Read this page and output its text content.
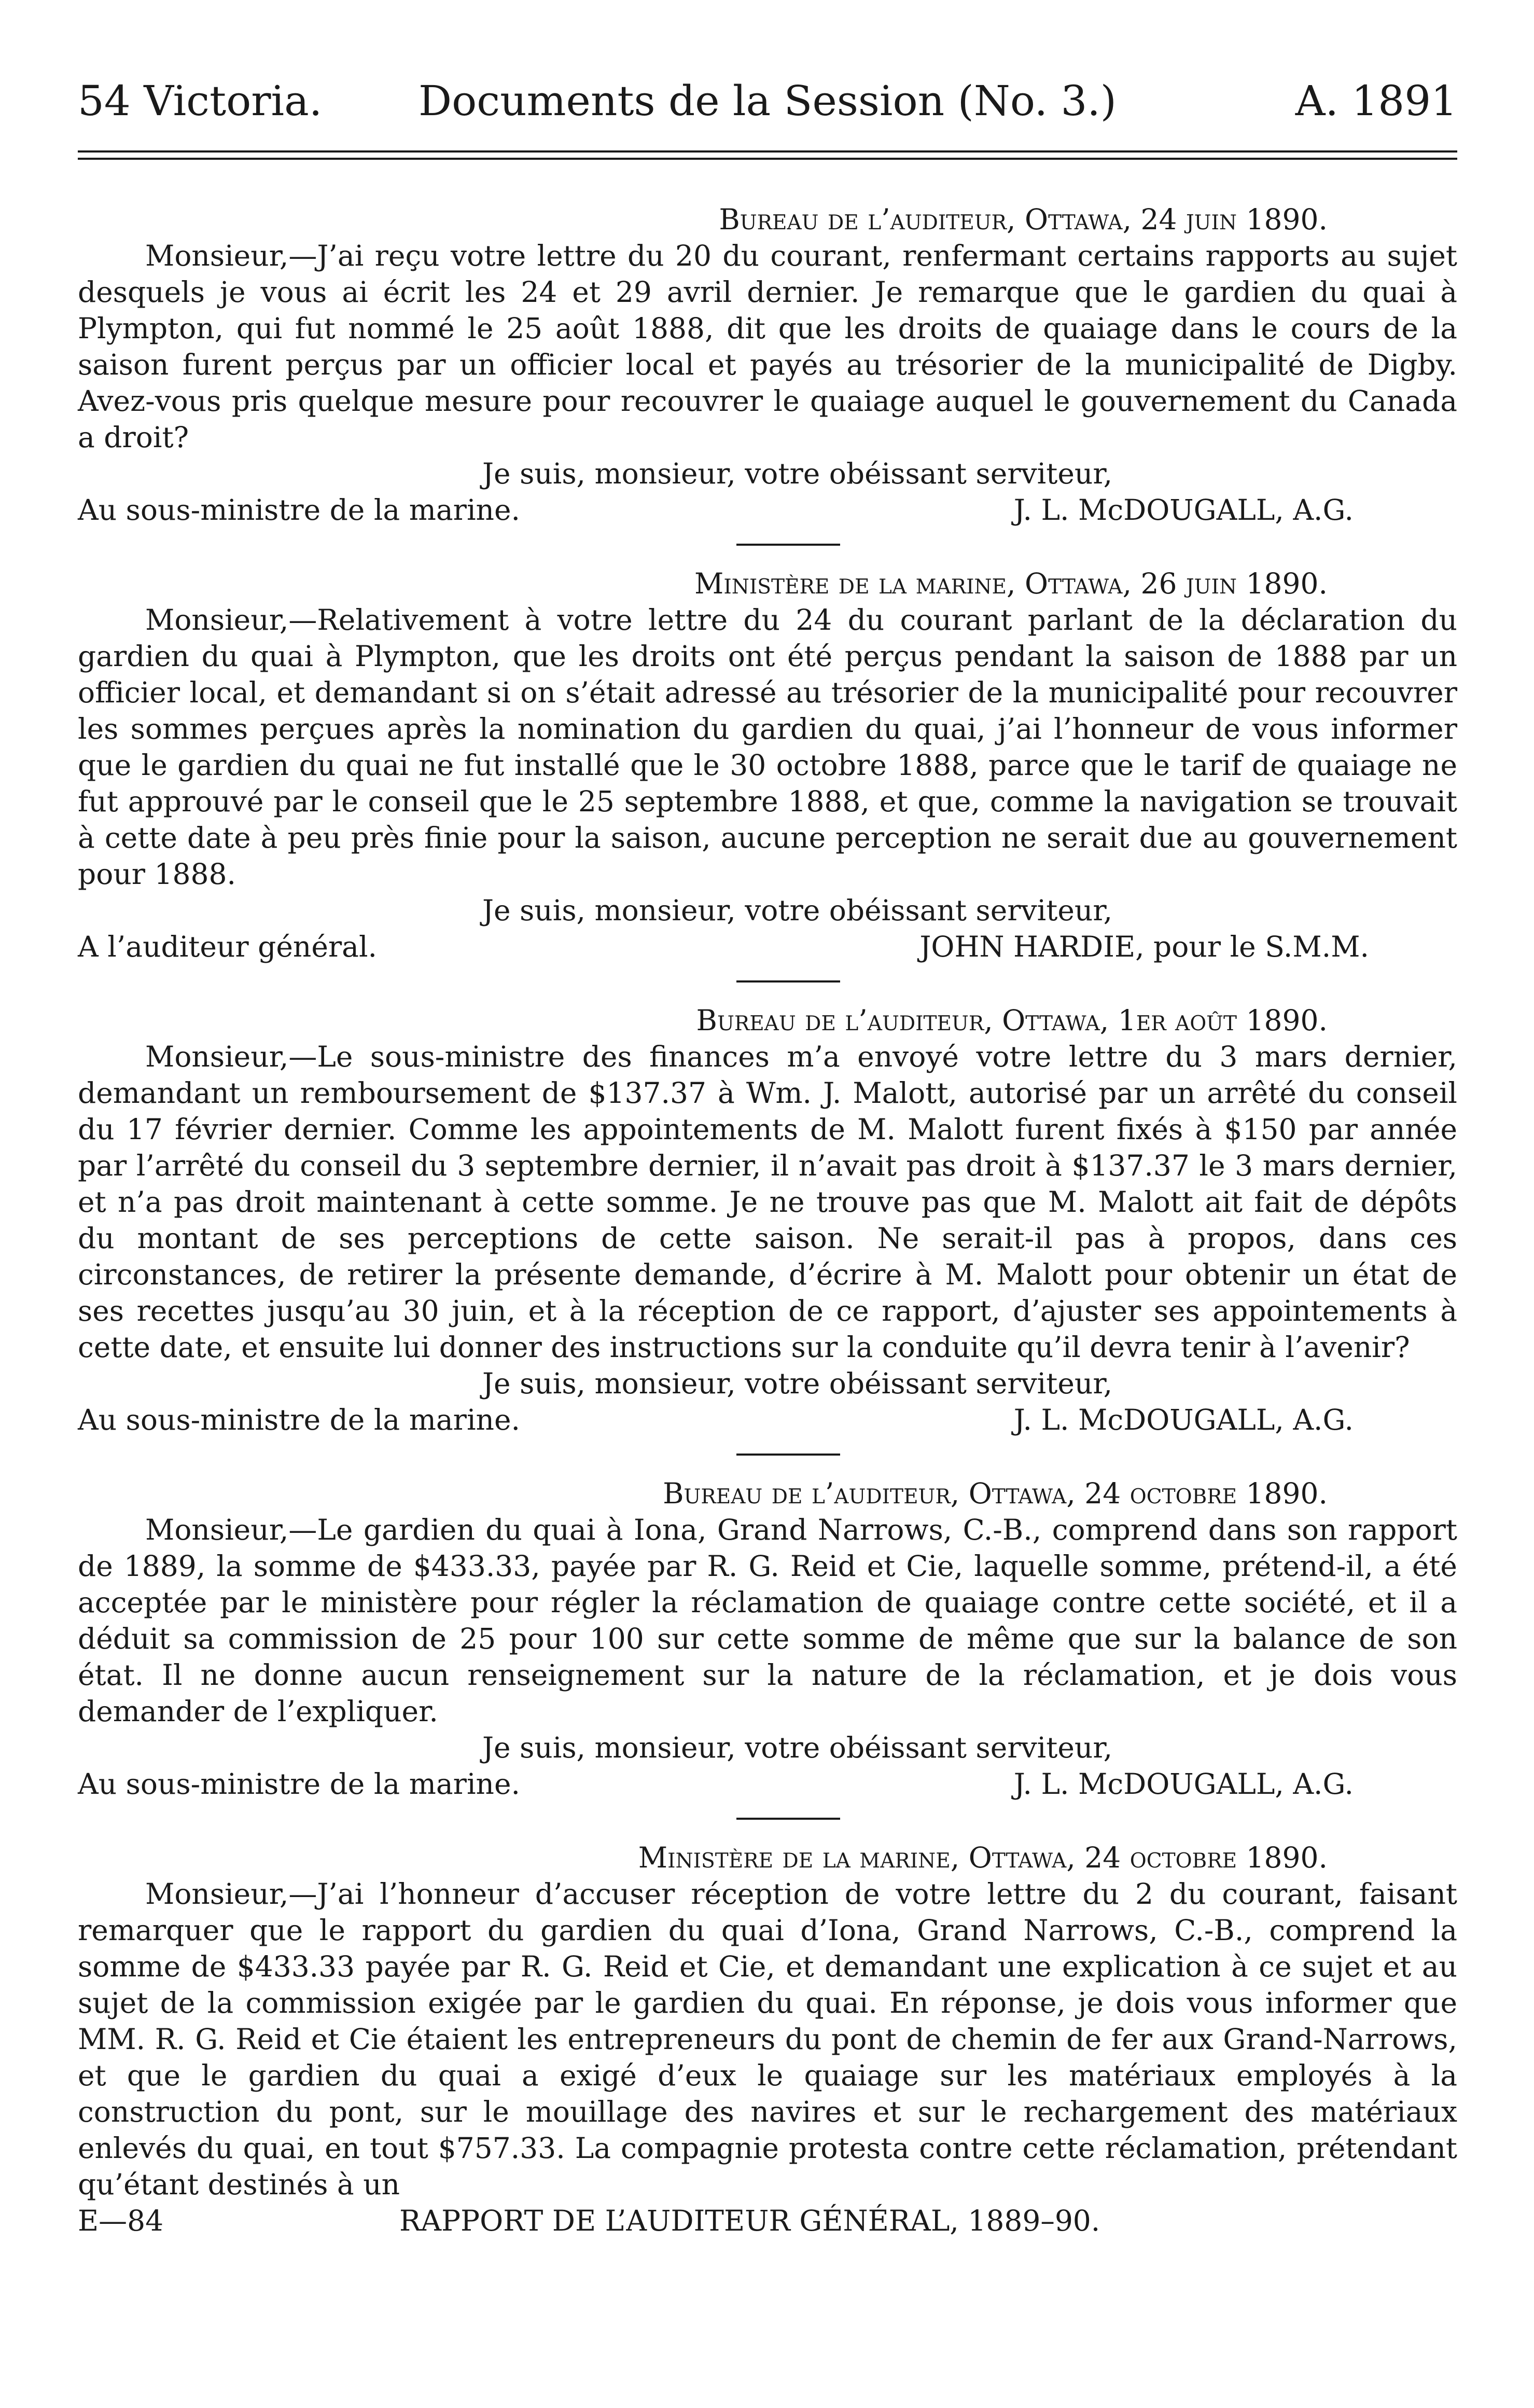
54 Victoria.	Documents de la Session (No. 3.)	A. 1891
Bureau de l’auditeur, Ottawa, 24 juin 1890.

Monsieur,—J’ai reçu votre lettre du 20 du courant, renfermant certains rapports au sujet desquels je vous ai écrit les 24 et 29 avril dernier. Je remarque que le gardien du quai à Plympton, qui fut nommé le 25 août 1888, dit que les droits de quaiage dans le cours de la saison furent perçus par un officier local et payés au trésorier de la municipalité de Digby. Avez-vous pris quelque mesure pour recouvrer le quaiage auquel le gouvernement du Canada a droit?

Je suis, monsieur, votre obéissant serviteur,
Au sous-ministre de la marine.	J. L. McDOUGALL, A.G.
Ministère de la marine, Ottawa, 26 juin 1890.

Monsieur,—Relativement à votre lettre du 24 du courant parlant de la déclaration du gardien du quai à Plympton, que les droits ont été perçus pendant la saison de 1888 par un officier local, et demandant si on s’était adressé au trésorier de la municipalité pour recouvrer les sommes perçues après la nomination du gardien du quai, j’ai l’honneur de vous informer que le gardien du quai ne fut installé que le 30 octobre 1888, parce que le tarif de quaiage ne fut approuvé par le conseil que le 25 septembre 1888, et que, comme la navigation se trouvait à cette date à peu près finie pour la saison, aucune perception ne serait due au gouvernement pour 1888.

Je suis, monsieur, votre obéissant serviteur,
A l’auditeur général.	JOHN HARDIE, pour le S.M.M.
Bureau de l’auditeur, Ottawa, 1er août 1890.

Monsieur,—Le sous-ministre des finances m’a envoyé votre lettre du 3 mars dernier, demandant un remboursement de $137.37 à Wm. J. Malott, autorisé par un arrêté du conseil du 17 février dernier. Comme les appointements de M. Malott furent fixés à $150 par année par l’arrêté du conseil du 3 septembre dernier, il n’avait pas droit à $137.37 le 3 mars dernier, et n’a pas droit maintenant à cette somme. Je ne trouve pas que M. Malott ait fait de dépôts du montant de ses perceptions de cette saison. Ne serait-il pas à propos, dans ces circonstances, de retirer la présente demande, d’écrire à M. Malott pour obtenir un état de ses recettes jusqu’au 30 juin, et à la réception de ce rapport, d’ajuster ses appointements à cette date, et ensuite lui donner des instructions sur la conduite qu’il devra tenir à l’avenir?

Je suis, monsieur, votre obéissant serviteur,
Au sous-ministre de la marine.	J. L. McDOUGALL, A.G.
Bureau de l’auditeur, Ottawa, 24 octobre 1890.

Monsieur,—Le gardien du quai à Iona, Grand Narrows, C.-B., comprend dans son rapport de 1889, la somme de $433.33, payée par R. G. Reid et Cie, laquelle somme, prétend-il, a été acceptée par le ministère pour régler la réclamation de quaiage contre cette société, et il a déduit sa commission de 25 pour 100 sur cette somme de même que sur la balance de son état. Il ne donne aucun renseignement sur la nature de la réclamation, et je dois vous demander de l’expliquer.

Je suis, monsieur, votre obéissant serviteur,
Au sous-ministre de la marine.	J. L. McDOUGALL, A.G.
Ministère de la marine, Ottawa, 24 octobre 1890.

Monsieur,—J’ai l’honneur d’accuser réception de votre lettre du 2 du courant, faisant remarquer que le rapport du gardien du quai d’Iona, Grand Narrows, C.-B., comprend la somme de $433.33 payée par R. G. Reid et Cie, et demandant une explication à ce sujet et au sujet de la commission exigée par le gardien du quai. En réponse, je dois vous informer que MM. R. G. Reid et Cie étaient les entrepreneurs du pont de chemin de fer aux Grand-Narrows, et que le gardien du quai a exigé d’eux le quaiage sur les matériaux employés à la construction du pont, sur le mouillage des navires et sur le rechargement des matériaux enlevés du quai, en tout $757.33. La compagnie protesta contre cette réclamation, prétendant qu’étant destinés à un

E—84	RAPPORT DE L’AUDITEUR GÉNÉRAL, 1889–90.
